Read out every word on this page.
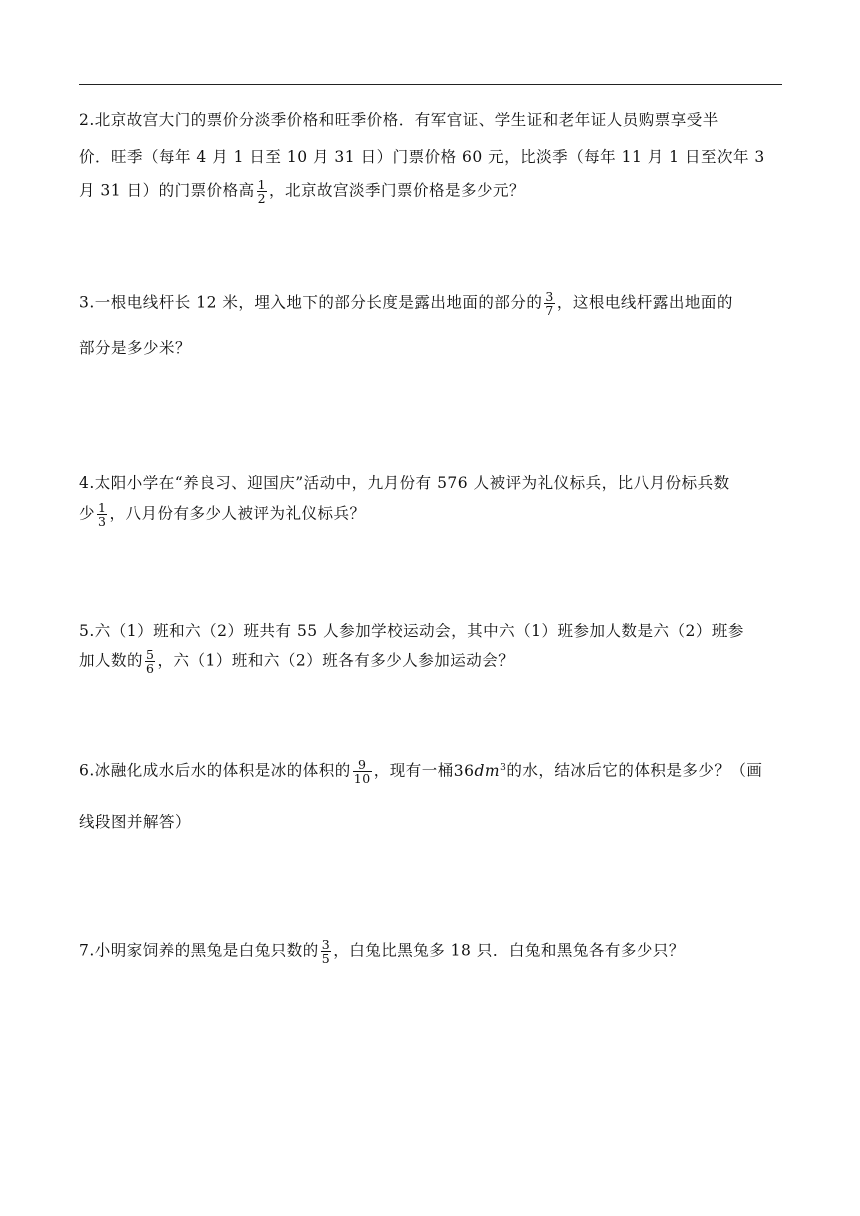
2.北京故宫大门的票价分淡季价格和旺季价格．有军官证、学生证和老年证人员购票享受半
价．旺季（每年 4 月 1 日至 10 月 31 日）门票价格 60 元，比淡季（每年 11 月 1 日至次年 3
月 31 日）的门票价格高 $\frac{1}{2}$ ，北京故宫淡季门票价格是多少元？
3.一根电线杆长 12 米，埋入地下的部分长度是露出地面的部分的 $\frac{3}{7}$ ，这根电线杆露出地面的
部分是多少米？
4.太阳小学在“养良习、迎国庆”活动中，九月份有 576 人被评为礼仪标兵，比八月份标兵数
少 $\frac{1}{3}$ ，八月份有多少人被评为礼仪标兵？
5.六（1）班和六（2）班共有 55 人参加学校运动会，其中六（1）班参加人数是六（2）班参
加人数的 $\frac{5}{6}$ ，六（1）班和六（2）班各有多少人参加运动会？
6.冰融化成水后水的体积是冰的体积的 $\frac{9}{10}$ ，现有一桶$36dm^3$的水，结冰后它的体积是多少？（画
线段图并解答）
7.小明家饲养的黑兔是白兔只数的 $\frac{3}{5}$ ，白兔比黑兔多 18 只．白兔和黑兔各有多少只？
